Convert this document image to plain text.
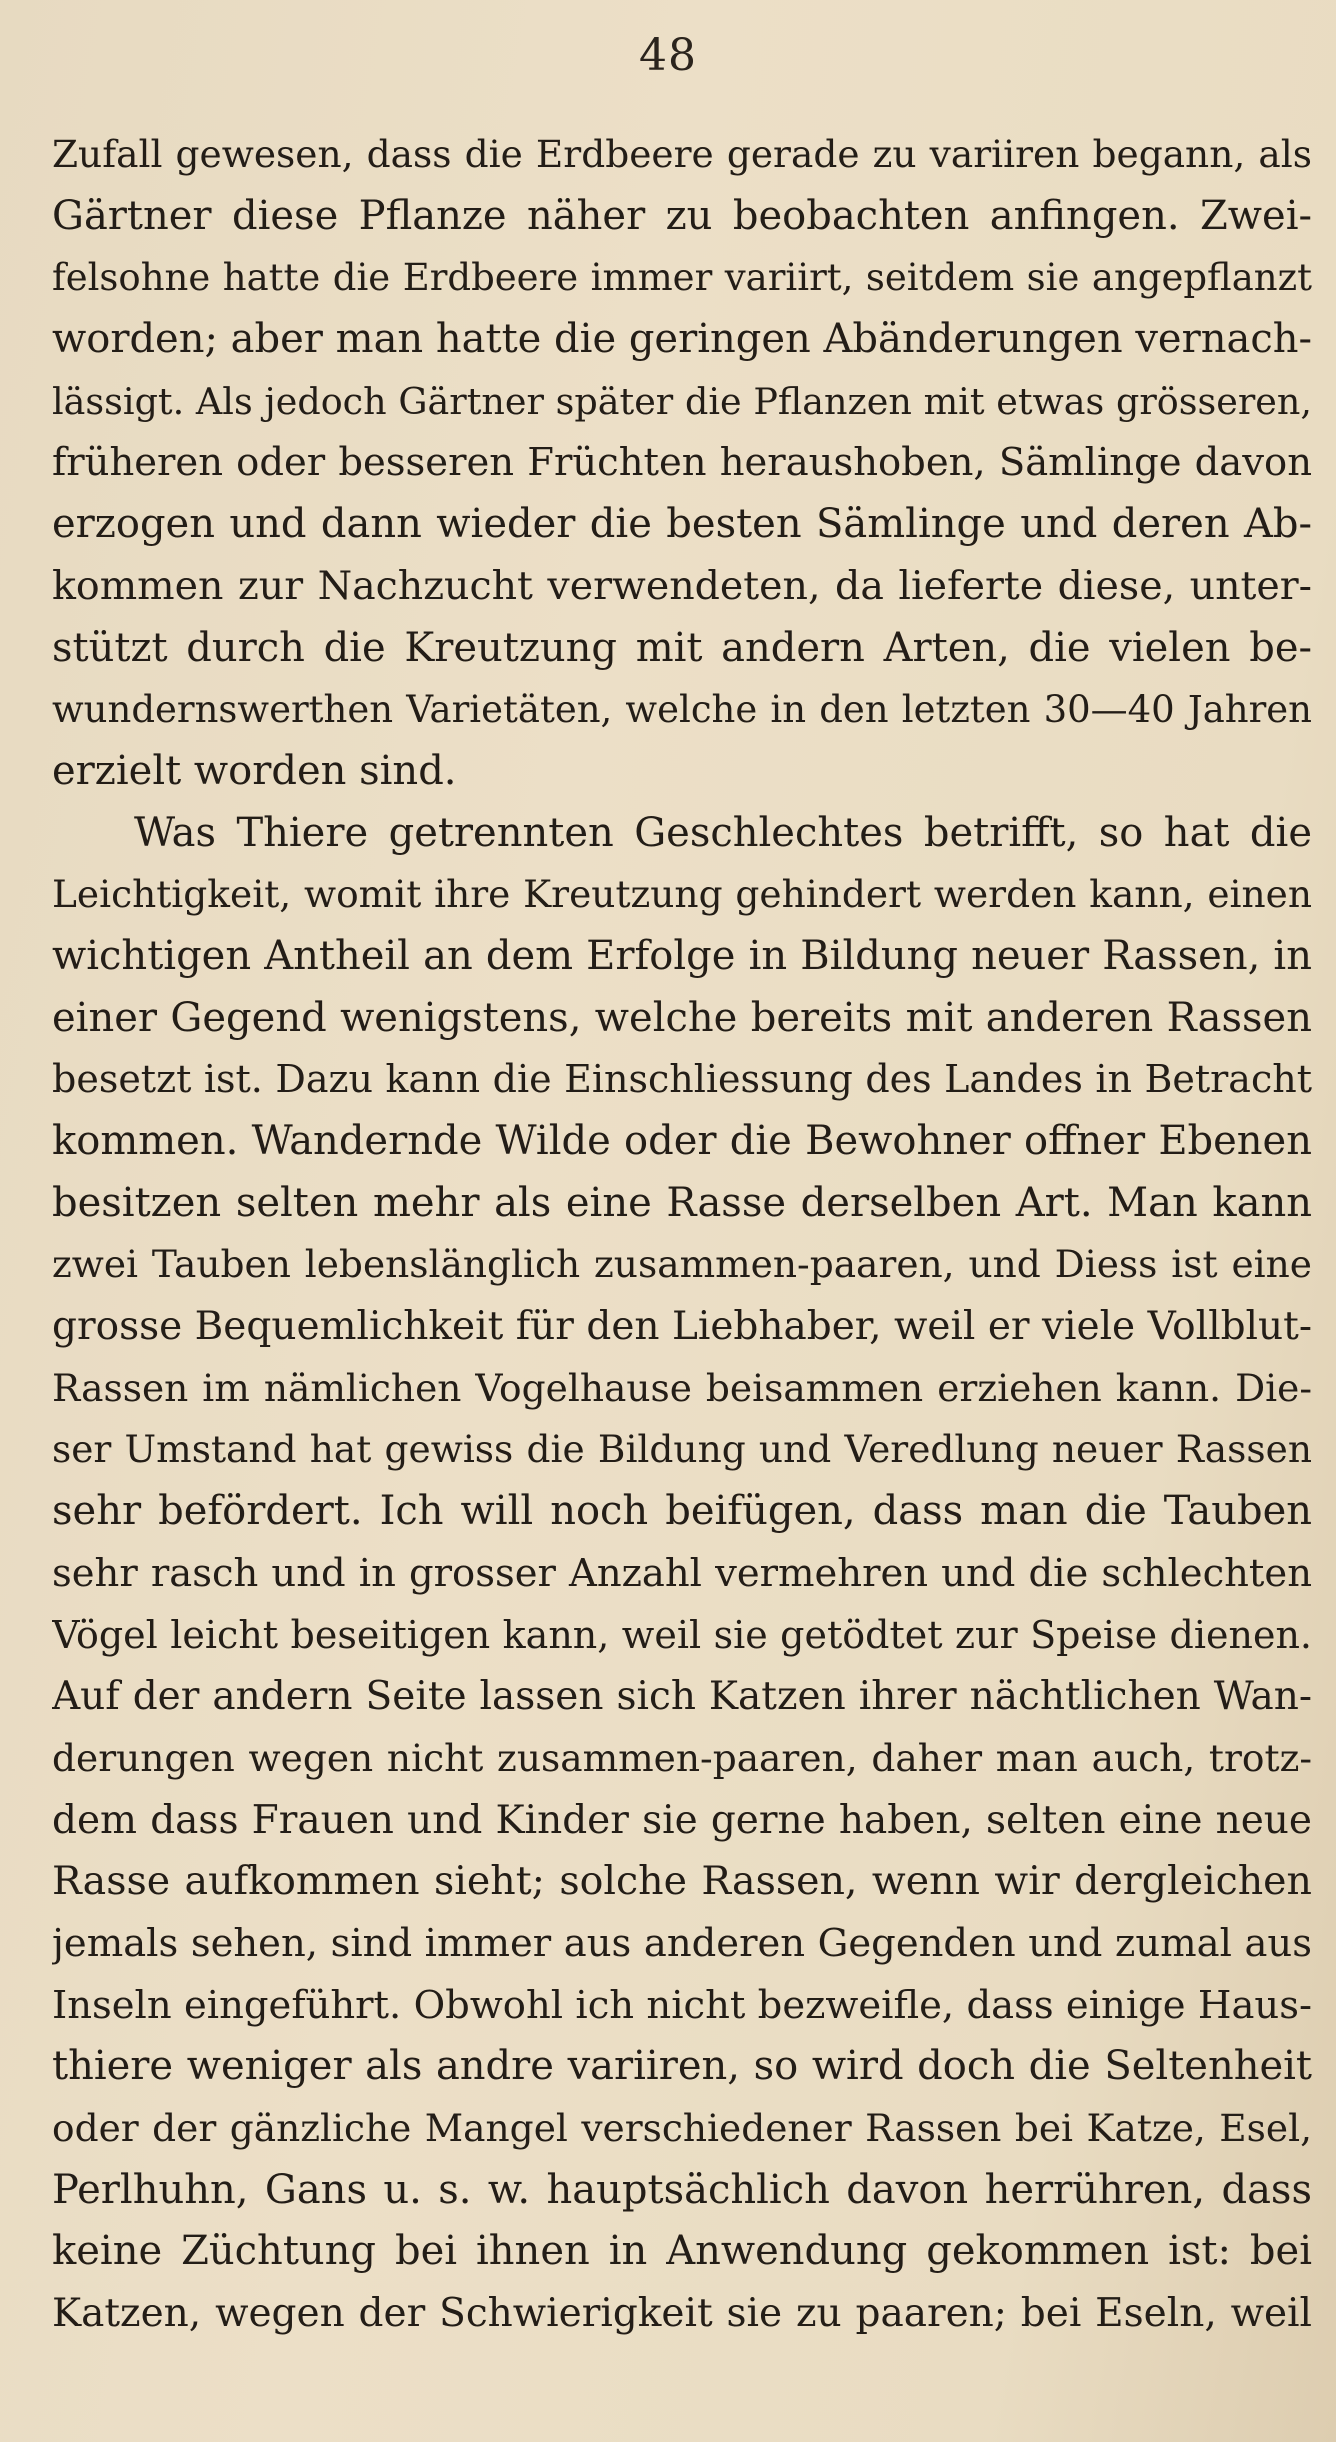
48
Zufall gewesen, dass die Erdbeere gerade zu variiren begann, als
Gärtner diese Pflanze näher zu beobachten anfingen. Zwei-
felsohne hatte die Erdbeere immer variirt, seitdem sie angepflanzt
worden; aber man hatte die geringen Abänderungen vernach-
lässigt. Als jedoch Gärtner später die Pflanzen mit etwas grösseren,
früheren oder besseren Früchten heraushoben, Sämlinge davon
erzogen und dann wieder die besten Sämlinge und deren Ab-
kommen zur Nachzucht verwendeten, da lieferte diese, unter-
stützt durch die Kreutzung mit andern Arten, die vielen be-
wundernswerthen Varietäten, welche in den letzten 30—40 Jahren
erzielt worden sind.
Was Thiere getrennten Geschlechtes betrifft, so hat die
Leichtigkeit, womit ihre Kreutzung gehindert werden kann, einen
wichtigen Antheil an dem Erfolge in Bildung neuer Rassen, in
einer Gegend wenigstens, welche bereits mit anderen Rassen
besetzt ist. Dazu kann die Einschliessung des Landes in Betracht
kommen. Wandernde Wilde oder die Bewohner offner Ebenen
besitzen selten mehr als eine Rasse derselben Art. Man kann
zwei Tauben lebenslänglich zusammen-paaren, und Diess ist eine
grosse Bequemlichkeit für den Liebhaber, weil er viele Vollblut-
Rassen im nämlichen Vogelhause beisammen erziehen kann. Die-
ser Umstand hat gewiss die Bildung und Veredlung neuer Rassen
sehr befördert. Ich will noch beifügen, dass man die Tauben
sehr rasch und in grosser Anzahl vermehren und die schlechten
Vögel leicht beseitigen kann, weil sie getödtet zur Speise dienen.
Auf der andern Seite lassen sich Katzen ihrer nächtlichen Wan-
derungen wegen nicht zusammen-paaren, daher man auch, trotz-
dem dass Frauen und Kinder sie gerne haben, selten eine neue
Rasse aufkommen sieht; solche Rassen, wenn wir dergleichen
jemals sehen, sind immer aus anderen Gegenden und zumal aus
Inseln eingeführt. Obwohl ich nicht bezweifle, dass einige Haus-
thiere weniger als andre variiren, so wird doch die Seltenheit
oder der gänzliche Mangel verschiedener Rassen bei Katze, Esel,
Perlhuhn, Gans u. s. w. hauptsächlich davon herrühren, dass
keine Züchtung bei ihnen in Anwendung gekommen ist: bei
Katzen, wegen der Schwierigkeit sie zu paaren; bei Eseln, weil
